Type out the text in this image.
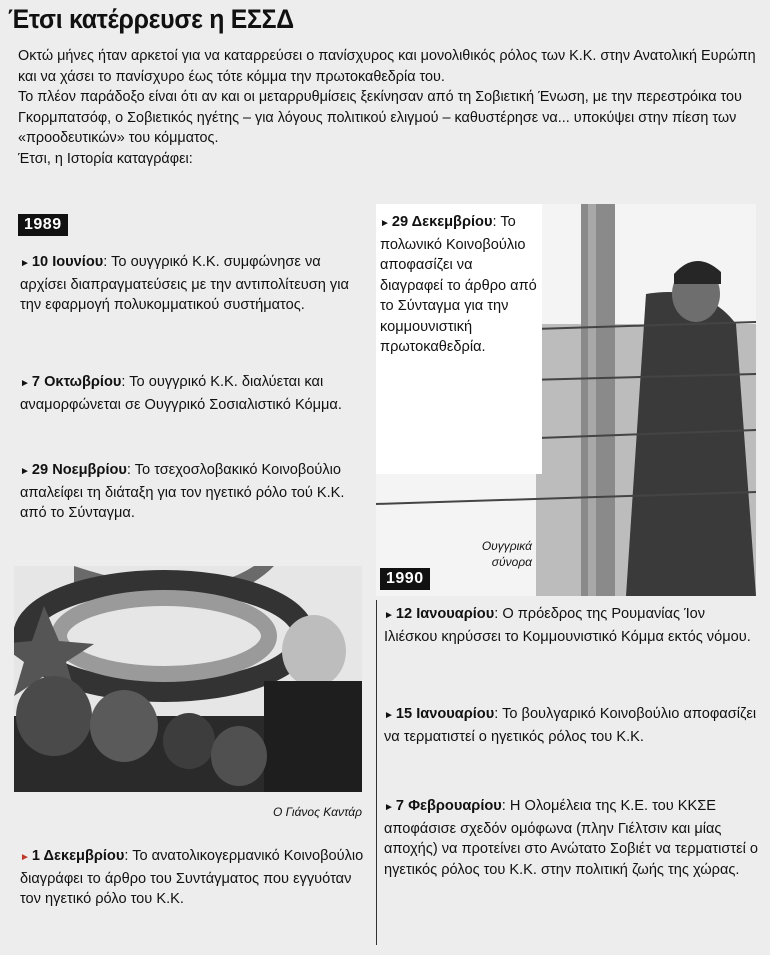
Έτσι κατέρρευσε η ΕΣΣΔ

Οκτώ μήνες ήταν αρκετοί για να καταρρεύσει ο πανίσχυρος και μονολιθικός ρόλος των Κ.Κ. στην Ανατολική Ευρώπη και να χάσει το πανίσχυρο έως τότε κόμμα την πρωτοκαθεδρία του.

Το πλέον παράδοξο είναι ότι αν και οι μεταρρυθμίσεις ξεκίνησαν από τη Σοβιετική Ένωση, με την περεστρόικα του Γκορμπατσόφ, ο Σοβιετικός ηγέτης – για λόγους πολιτικού ελιγμού – καθυστέρησε να... υποκύψει στην πίεση των «προοδευτικών» του κόμματος.

Έτσι, η Ιστορία καταγράφει:

1989

► 10 Ιουνίου: Το ουγγρικό Κ.Κ. συμφώνησε να αρχίσει διαπραγματεύσεις με την αντιπολίτευση για την εφαρμογή πολυκομματικού συστήματος.

► 7 Οκτωβρίου: Το ουγγρικό Κ.Κ. διαλύεται και αναμορφώνεται σε Ουγγρικό Σοσιαλιστικό Κόμμα.

► 29 Νοεμβρίου: Το τσεχοσλοβακικό Κοινοβούλιο απαλείφει τη διάταξη για τον ηγετικό ρόλο τού Κ.Κ. από το Σύνταγμα.

Ο Γιάνος Καντάρ

► 1 Δεκεμβρίου: Το ανατολικογερμανικό Κοινοβούλιο διαγράφει το άρθρο του Συντάγματος που εγγυόταν τον ηγετικό ρόλο του Κ.Κ.

► 29 Δεκεμβρίου: Το πολωνικό Κοινοβούλιο αποφασίζει να διαγραφεί το άρθρο από το Σύνταγμα για την κομμουνιστική πρωτοκαθεδρία.

Ουγγρικά
σύνορα
1990

► 12 Ιανουαρίου: Ο πρόεδρος της Ρουμανίας Ίον Ιλιέσκου κηρύσσει το Κομμουνιστικό Κόμμα εκτός νόμου.

► 15 Ιανουαρίου: Το βουλγαρικό Κοινοβούλιο αποφασίζει να τερματιστεί ο ηγετικός ρόλος του Κ.Κ.

► 7 Φεβρουαρίου: Η Ολομέλεια της Κ.Ε. του ΚΚΣΕ αποφάσισε σχεδόν ομόφωνα (πλην Γιέλτσιν και μίας αποχής) να προτείνει στο Ανώτατο Σοβιέτ να τερματιστεί ο ηγετικός ρόλος του Κ.Κ. στην πολιτική ζωής της χώρας.
